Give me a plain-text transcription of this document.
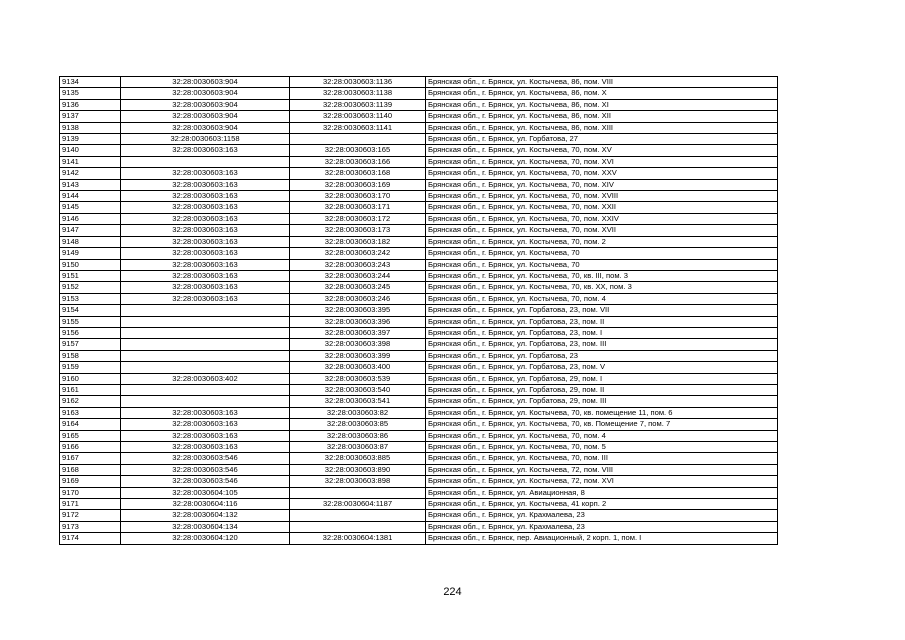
9134	32:28:0030603:904	32:28:0030603:1136	Брянская обл., г. Брянск, ул. Костычева, 86, пом. VIII
9135	32:28:0030603:904	32:28:0030603:1138	Брянская обл., г. Брянск, ул. Костычева, 86, пом. X
9136	32:28:0030603:904	32:28:0030603:1139	Брянская обл., г. Брянск, ул. Костычева, 86, пом. XI
9137	32:28:0030603:904	32:28:0030603:1140	Брянская обл., г. Брянск, ул. Костычева, 86, пом. XII
9138	32:28:0030603:904	32:28:0030603:1141	Брянская обл., г. Брянск, ул. Костычева, 86, пом. XIII
9139	32:28:0030603:1158		Брянская обл., г. Брянск, ул. Горбатова, 27
9140	32:28:0030603:163	32:28:0030603:165	Брянская обл., г. Брянск, ул. Костычева, 70, пом. XV
9141		32:28:0030603:166	Брянская обл., г. Брянск, ул. Костычева, 70, пом. XVI
9142	32:28:0030603:163	32:28:0030603:168	Брянская обл., г. Брянск, ул. Костычева, 70, пом. XXV
9143	32:28:0030603:163	32:28:0030603:169	Брянская обл., г. Брянск, ул. Костычева, 70, пом. XIV
9144	32:28:0030603:163	32:28:0030603:170	Брянская обл., г. Брянск, ул. Костычева, 70, пом. XVIII
9145	32:28:0030603:163	32:28:0030603:171	Брянская обл., г. Брянск, ул. Костычева, 70, пом. XXII
9146	32:28:0030603:163	32:28:0030603:172	Брянская обл., г. Брянск, ул. Костычева, 70, пом. XXIV
9147	32:28:0030603:163	32:28:0030603:173	Брянская обл., г. Брянск, ул. Костычева, 70, пом. XVII
9148	32:28:0030603:163	32:28:0030603:182	Брянская обл., г. Брянск, ул. Костычева, 70, пом. 2
9149	32:28:0030603:163	32:28:0030603:242	Брянская обл., г. Брянск, ул. Костычева, 70
9150	32:28:0030603:163	32:28:0030603:243	Брянская обл., г. Брянск, ул. Костычева, 70
9151	32:28:0030603:163	32:28:0030603:244	Брянская обл., г. Брянск, ул. Костычева, 70, кв. III, пом. 3
9152	32:28:0030603:163	32:28:0030603:245	Брянская обл., г. Брянск, ул. Костычева, 70, кв. XX, пом. 3
9153	32:28:0030603:163	32:28:0030603:246	Брянская обл., г. Брянск, ул. Костычева, 70, пом. 4
9154		32:28:0030603:395	Брянская обл., г. Брянск, ул. Горбатова, 23, пом. VII
9155		32:28:0030603:396	Брянская обл., г. Брянск, ул. Горбатова, 23, пом. II
9156		32:28:0030603:397	Брянская обл., г. Брянск, ул. Горбатова, 23, пом. I
9157		32:28:0030603:398	Брянская обл., г. Брянск, ул. Горбатова, 23, пом. III
9158		32:28:0030603:399	Брянская обл., г. Брянск, ул. Горбатова, 23
9159		32:28:0030603:400	Брянская обл., г. Брянск, ул. Горбатова, 23, пом. V
9160	32:28:0030603:402	32:28:0030603:539	Брянская обл., г. Брянск, ул. Горбатова, 29, пом. I
9161		32:28:0030603:540	Брянская обл., г. Брянск, ул. Горбатова, 29, пом. II
9162		32:28:0030603:541	Брянская обл., г. Брянск, ул. Горбатова, 29, пом. III
9163	32:28:0030603:163	32:28:0030603:82	Брянская обл., г. Брянск, ул. Костычева, 70, кв. помещение 11, пом. 6
9164	32:28:0030603:163	32:28:0030603:85	Брянская обл., г. Брянск, ул. Костычева, 70, кв. Помещение 7, пом. 7
9165	32:28:0030603:163	32:28:0030603:86	Брянская обл., г. Брянск, ул. Костычева, 70, пом. 4
9166	32:28:0030603:163	32:28:0030603:87	Брянская обл., г. Брянск, ул. Костычева, 70, пом. 5
9167	32:28:0030603:546	32:28:0030603:885	Брянская обл., г. Брянск, ул. Костычева, 70, пом. III
9168	32:28:0030603:546	32:28:0030603:890	Брянская обл., г. Брянск, ул. Костычева, 72, пом. VIII
9169	32:28:0030603:546	32:28:0030603:898	Брянская обл., г. Брянск, ул. Костычева, 72, пом. XVI
9170	32:28:0030604:105		Брянская обл., г. Брянск, ул. Авиационная, 8
9171	32:28:0030604:116	32:28:0030604:1187	Брянская обл., г. Брянск, ул. Костычева, 41 корп. 2
9172	32:28:0030604:132		Брянская обл., г. Брянск, ул. Крахмалева, 23
9173	32:28:0030604:134		Брянская обл., г. Брянск, ул. Крахмалева, 23
9174	32:28:0030604:120	32:28:0030604:1381	Брянская обл., г. Брянск, пер. Авиационный, 2 корп. 1, пом. I
224
